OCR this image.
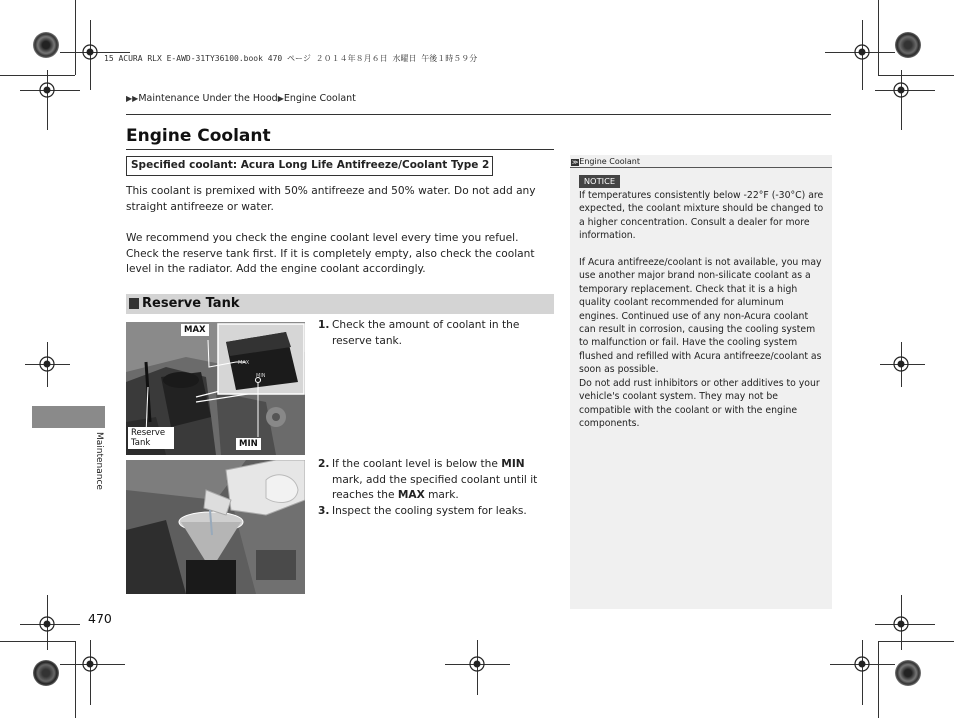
15 ACURA RLX E-AWD-31TY36100.book 470 ページ ２０１４年８月６日 水曜日 午後１時５９分
▶▶Maintenance Under the Hood▶Engine Coolant
Engine Coolant
Specified coolant: Acura Long Life Antifreeze/Coolant Type 2
This coolant is premixed with 50% antifreeze and 50% water. Do not add any straight antifreeze or water.
We recommend you check the engine coolant level every time you refuel. Check the reserve tank first. If it is completely empty, also check the coolant level in the radiator. Add the engine coolant accordingly.
Reserve Tank
MAX
MIN
MAX
MIN
Reserve Tank
1. Check the amount of coolant in the reserve tank.
2. If the coolant level is below the MIN mark, add the specified coolant until it reaches the MAX mark.
3. Inspect the cooling system for leaks.
≫Engine Coolant
NOTICE
If temperatures consistently below -22°F (-30°C) are expected, the coolant mixture should be changed to a higher concentration. Consult a dealer for more information.
If Acura antifreeze/coolant is not available, you may use another major brand non-silicate coolant as a temporary replacement. Check that it is a high quality coolant recommended for aluminum engines. Continued use of any non-Acura coolant can result in corrosion, causing the cooling system to malfunction or fail. Have the cooling system flushed and refilled with Acura antifreeze/coolant as soon as possible.
Do not add rust inhibitors or other additives to your vehicle's coolant system. They may not be compatible with the coolant or with the engine components.
Maintenance
470
